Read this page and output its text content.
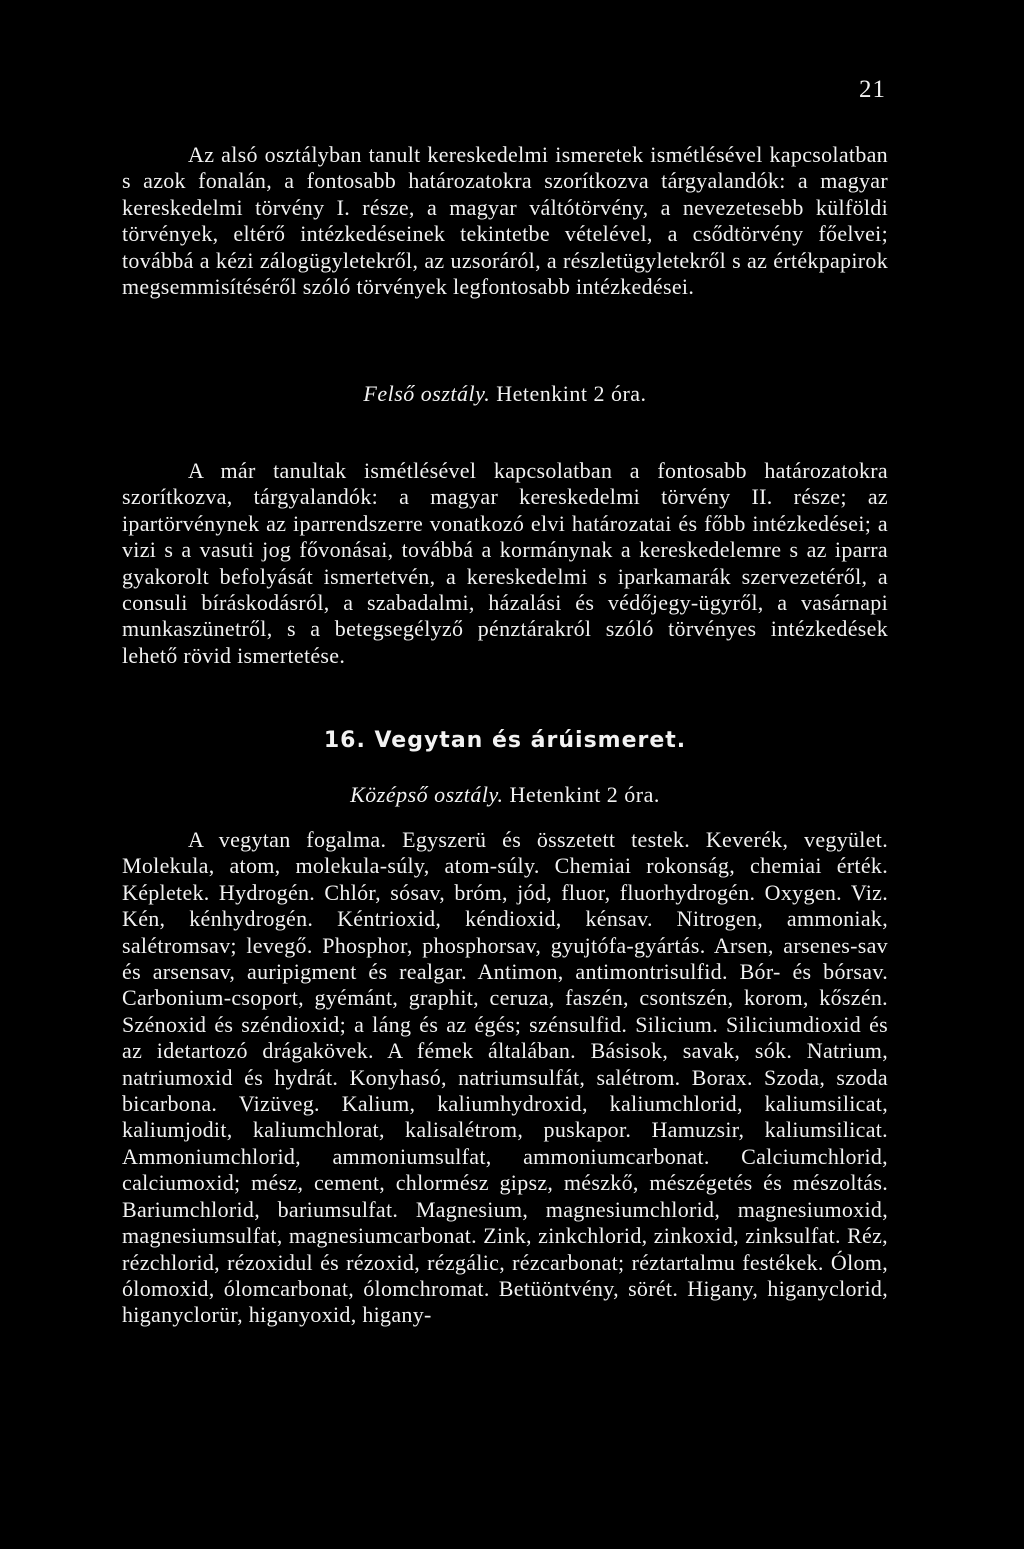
21

Az alsó osztályban tanult kereskedelmi ismeretek ismétlésével kapcsolatban s azok fonalán, a fontosabb határozatokra szorítkozva tárgyalandók: a magyar kereskedelmi törvény I. része, a magyar váltótörvény, a nevezetesebb külföldi törvények, eltérő intézkedéseinek tekintetbe vételével, a csődtörvény főelvei; továbbá a kézi zálogügyletekről, az uzsoráról, a részletügyletekről s az értékpapirok megsemmisítéséről szóló törvények legfontosabb intézkedései.

Felső osztály. Hetenkint 2 óra.

A már tanultak ismétlésével kapcsolatban a fontosabb határozatokra szorítkozva, tárgyalandók: a magyar kereskedelmi törvény II. része; az ipartörvénynek az iparrendszerre vonatkozó elvi határozatai és főbb intézkedései; a vizi s a vasuti jog fővonásai, továbbá a kormánynak a kereskedelemre s az iparra gyakorolt befolyását ismertetvén, a kereskedelmi s iparkamarák szervezetéről, a consuli bíráskodásról, a szabadalmi, házalási és védőjegy-ügyről, a vasárnapi munkaszünetről, s a betegsegélyző pénztárakról szóló törvényes intézkedések lehető rövid ismertetése.

16. Vegytan és árúismeret.
Középső osztály. Hetenkint 2 óra.

A vegytan fogalma. Egyszerü és összetett testek. Keverék, vegyület. Molekula, atom, molekula-súly, atom-súly. Chemiai rokonság, chemiai érték. Képletek. Hydrogén. Chlór, sósav, bróm, jód, fluor, fluorhydrogén. Oxygen. Viz. Kén, kénhydrogén. Kéntrioxid, kéndioxid, kénsav. Nitrogen, ammoniak, salétromsav; levegő. Phosphor, phosphorsav, gyujtófa-gyártás. Arsen, arsenes-sav és arsensav, auripigment és realgar. Antimon, antimontrisulfid. Bór- és bórsav. Carbonium-csoport, gyémánt, graphit, ceruza, faszén, csontszén, korom, kőszén. Szénoxid és széndioxid; a láng és az égés; szénsulfid. Silicium. Siliciumdioxid és az idetartozó drágakövek. A fémek általában. Básisok, savak, sók. Natrium, natriumoxid és hydrát. Konyhasó, natriumsulfát, salétrom. Borax. Szoda, szoda bicarbona. Vizüveg. Kalium, kaliumhydroxid, kaliumchlorid, kaliumsilicat, kaliumjodit, kaliumchlorat, kalisalétrom, puskapor. Hamuzsir, kaliumsilicat. Ammoniumchlorid, ammoniumsulfat, ammoniumcarbonat. Calciumchlorid, calciumoxid; mész, cement, chlormész gipsz, mészkő, mészégetés és mészoltás. Bariumchlorid, bariumsulfat. Magnesium, magnesiumchlorid, magnesiumoxid, magnesiumsulfat, magnesiumcarbonat. Zink, zinkchlorid, zinkoxid, zinksulfat. Réz, rézchlorid, rézoxidul és rézoxid, rézgálic, rézcarbonat; réztartalmu festékek. Ólom, ólomoxid, ólomcarbonat, ólomchromat. Betüöntvény, sörét. Higany, higanyclorid, higanyclorür, higanyoxid, higany-
